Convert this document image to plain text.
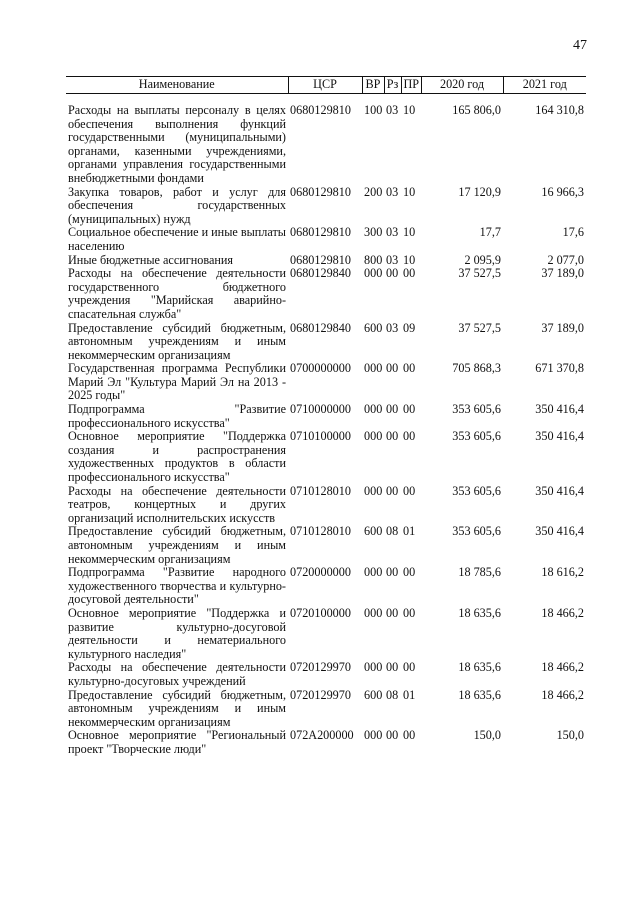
47
Наименование	ЦСР	ВР	Рз	ПР	2020 год	2021 год

Расходы на выплаты персоналу в целях обеспечения выполнения функций государственными (муниципальными) органами, казенными учреждениями, органами управления государственными внебюджетными фондами	0680129810	100	03	10	165 806,0	164 310,8
Закупка товаров, работ и услуг для обеспечения государственных (муниципальных) нужд	0680129810	200	03	10	17 120,9	16 966,3
Социальное обеспечение и иные выплаты населению	0680129810	300	03	10	17,7	17,6
Иные бюджетные ассигнования	0680129810	800	03	10	2 095,9	2 077,0
Расходы на обеспечение деятельности государственного бюджетного учреждения "Марийская аварийно-спасательная служба"	0680129840	000	00	00	37 527,5	37 189,0
Предоставление субсидий бюджетным, автономным учреждениям и иным некоммерческим организациям	0680129840	600	03	09	37 527,5	37 189,0
Государственная программа Республики Марий Эл "Культура Марий Эл на 2013 - 2025 годы"	0700000000	000	00	00	705 868,3	671 370,8
Подпрограмма "Развитие профессионального искусства"	0710000000	000	00	00	353 605,6	350 416,4
Основное мероприятие "Поддержка создания и распространения художественных продуктов в области профессионального искусства"	0710100000	000	00	00	353 605,6	350 416,4
Расходы на обеспечение деятельности театров, концертных и других организаций исполнительских искусств	0710128010	000	00	00	353 605,6	350 416,4
Предоставление субсидий бюджетным, автономным учреждениям и иным некоммерческим организациям	0710128010	600	08	01	353 605,6	350 416,4
Подпрограмма "Развитие народного художественного творчества и культурно-досуговой деятельности"	0720000000	000	00	00	18 785,6	18 616,2
Основное мероприятие "Поддержка и развитие культурно-досуговой деятельности и нематериального культурного наследия"	0720100000	000	00	00	18 635,6	18 466,2
Расходы на обеспечение деятельности культурно-досуговых учреждений	0720129970	000	00	00	18 635,6	18 466,2
Предоставление субсидий бюджетным, автономным учреждениям и иным некоммерческим организациям	0720129970	600	08	01	18 635,6	18 466,2
Основное мероприятие "Региональный проект "Творческие люди"	072A200000	000	00	00	150,0	150,0
